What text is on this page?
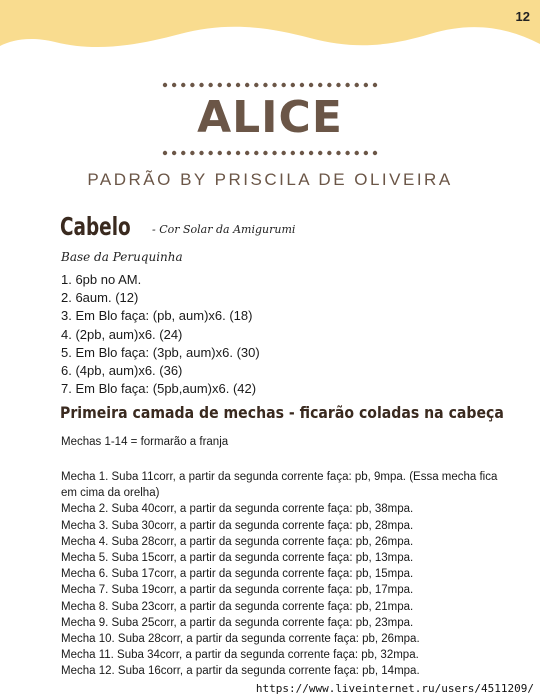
12
ALICE
PADRÃO BY PRISCILA DE OLIVEIRA
Cabelo - Cor Solar da Amigurumi
Base da Peruquinha
1. 6pb no AM.
2. 6aum. (12)
3. Em Blo faça: (pb, aum)x6. (18)
4. (2pb, aum)x6. (24)
5. Em Blo faça: (3pb, aum)x6. (30)
6. (4pb, aum)x6. (36)
7. Em Blo faça: (5pb,aum)x6. (42)
Primeira camada de mechas - ficarão coladas na cabeça
Mechas 1-14 = formarão a franja
Mecha 1. Suba 11corr, a partir da segunda corrente faça: pb, 9mpa. (Essa mecha fica em cima da orelha)
Mecha 2. Suba 40corr, a partir da segunda corrente faça: pb, 38mpa.
Mecha 3. Suba 30corr, a partir da segunda corrente faça: pb, 28mpa.
Mecha 4. Suba 28corr, a partir da segunda corrente faça: pb, 26mpa.
Mecha 5. Suba 15corr, a partir da segunda corrente faça: pb, 13mpa.
Mecha 6. Suba 17corr, a partir da segunda corrente faça: pb, 15mpa.
Mecha 7. Suba 19corr, a partir da segunda corrente faça: pb, 17mpa.
Mecha 8. Suba 23corr, a partir da segunda corrente faça: pb, 21mpa.
Mecha 9. Suba 25corr, a partir da segunda corrente faça: pb, 23mpa.
Mecha 10. Suba 28corr, a partir da segunda corrente faça: pb, 26mpa.
Mecha 11. Suba 34corr, a partir da segunda corrente faça: pb, 32mpa.
Mecha 12. Suba 16corr, a partir da segunda corrente faça: pb, 14mpa.
https://www.liveinternet.ru/users/4511209/
